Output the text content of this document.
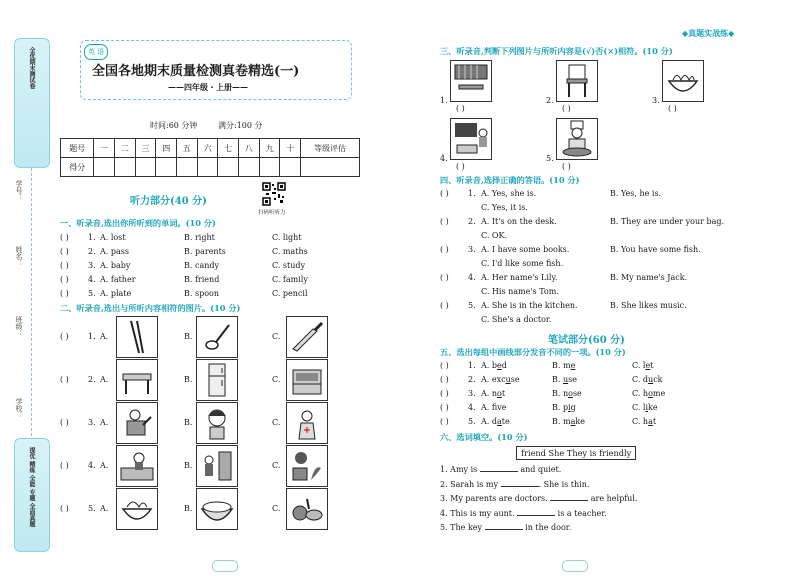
全优期末测试卷
学号：
姓名：
班级：
学校：
提优 精练 全能 专题 全面真题
英 语
全国各地期末质量检测真卷精选(一)
——四年级・上册——
时间:60 分钟	满分:100 分
题号	一	二	三	四	五	六	七	八	九	十	等级评估
得分											
听力部分(40 分)
扫码听听力
一、听录音,选出你所听到的单词。(10 分)
( ) 1. A. lost	B. right	C. light
( ) 2. A. pass	B. parents	C. maths
( ) 3. A. baby	B. candy	C. study
( ) 4. A. father	B. friend	C. family
( ) 5. A. plate	B. spoon	C. pencil
二、听录音,选出与所听内容相符的图片。(10 分)
( ) 1. A.	B.	C.
( ) 2. A.	B.	C.
( ) 3. A.	B.	C.
( ) 4. A.	B.	C.
( ) 5. A.	B.	C.
◆真题实战练◆
三、听录音,判断下列图片与所听内容是(√)否(×)相符。(10 分)
1.
( )
2.
( )
3.
( )
4.
( )
5.
( )
四、听录音,选择正确的答语。(10 分)
( ) 1. A. Yes, she is.	B. Yes, he is.
C. Yes, it is.
( ) 2. A. It's on the desk.	B. They are under your bag.
C. OK.
( ) 3. A. I have some books.	B. You have some fish.
C. I'd like some fish.
( ) 4. A. Her name's Lily.	B. My name's Jack.
C. His name's Tom.
( ) 5. A. She is in the kitchen.	B. She likes music.
C. She's a doctor.
笔试部分(60 分)
五、选出每组中画线部分发音不同的一项。(10 分)
( ) 1. A. bed	B. me	C. let
( ) 2. A. excuse	B. use	C. duck
( ) 3. A. not	B. nose	C. home
( ) 4. A. fve	B. pig	C. like
( ) 5. A. date	B. make	C. hat
六、选词填空。(10 分)
friend She They is friendly
1. Amy is	and quiet.
2. Sarah is my	. She is thin.
3. My parents are doctors.	are helpful.
4. This is my aunt.	is a teacher.
5. The key	in the door.
